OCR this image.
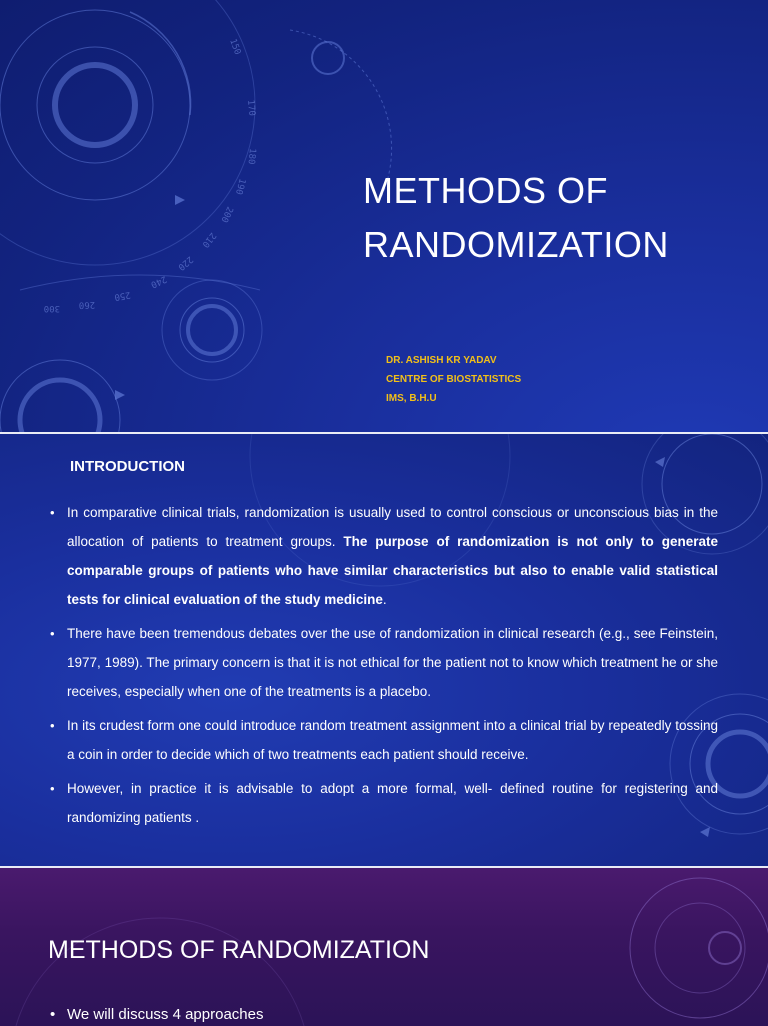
150
170
180
190
200
210
220
240
250
260
300
METHODS OF
RANDOMIZATION
DR. ASHISH KR YADAV
CENTRE OF BIOSTATISTICS
IMS, B.H.U
INTRODUCTION
• In comparative clinical trials, randomization is usually used to control conscious or unconscious bias in the allocation of patients to treatment groups. The purpose of randomization is not only to generate comparable groups of patients who have similar characteristics but also to enable valid statistical tests for clinical evaluation of the study medicine.
• There have been tremendous debates over the use of randomization in clinical research (e.g., see Feinstein, 1977, 1989). The primary concern is that it is not ethical for the patient not to know which treatment he or she receives, especially when one of the treatments is a placebo.
• In its crudest form one could introduce random treatment assignment into a clinical trial by repeatedly tossing a coin in order to decide which of two treatments each patient should receive.
• However, in practice it is advisable to adopt a more formal, well- defined routine for registering and randomizing patients .
METHODS OF RANDOMIZATION
• We will discuss 4 approaches
